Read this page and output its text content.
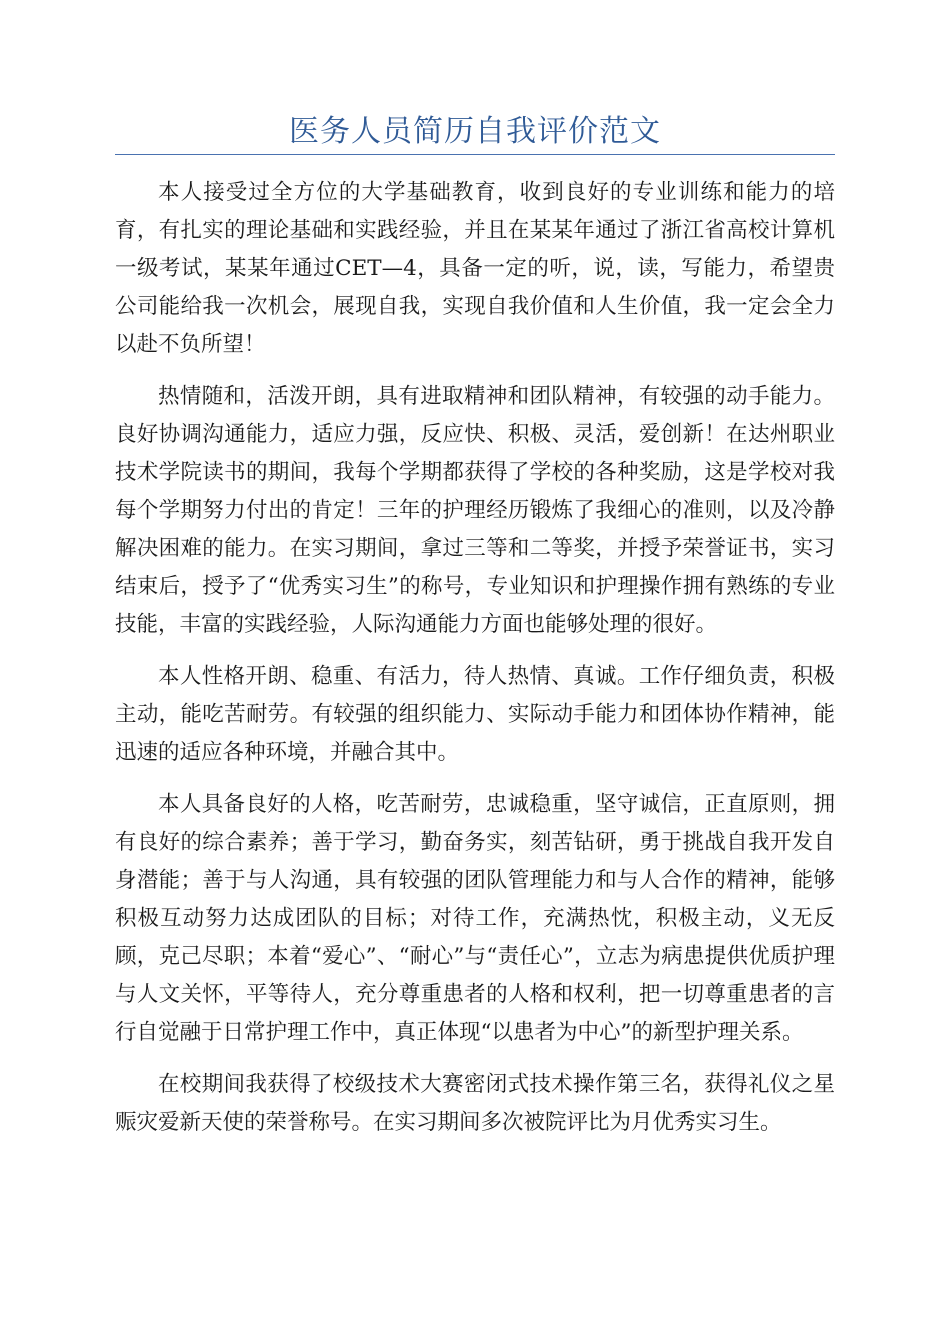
医务人员简历自我评价范文

本人接受过全方位的大学基础教育，收到良好的专业训练和能力的培育，有扎实的理论基础和实践经验，并且在某某年通过了浙江省高校计算机一级考试，某某年通过CET—4，具备一定的听，说，读，写能力，希望贵公司能给我一次机会，展现自我，实现自我价值和人生价值，我一定会全力以赴不负所望！

热情随和，活泼开朗，具有进取精神和团队精神，有较强的动手能力。良好协调沟通能力，适应力强，反应快、积极、灵活，爱创新！在达州职业技术学院读书的期间，我每个学期都获得了学校的各种奖励，这是学校对我每个学期努力付出的肯定！三年的护理经历锻炼了我细心的准则，以及冷静解决困难的能力。在实习期间，拿过三等和二等奖，并授予荣誉证书，实习结束后，授予了“优秀实习生”的称号，专业知识和护理操作拥有熟练的专业技能，丰富的实践经验，人际沟通能力方面也能够处理的很好。

本人性格开朗、稳重、有活力，待人热情、真诚。工作仔细负责，积极主动，能吃苦耐劳。有较强的组织能力、实际动手能力和团体协作精神，能迅速的适应各种环境，并融合其中。

本人具备良好的人格，吃苦耐劳，忠诚稳重，坚守诚信，正直原则，拥有良好的综合素养；善于学习，勤奋务实，刻苦钻研，勇于挑战自我开发自身潜能；善于与人沟通，具有较强的团队管理能力和与人合作的精神，能够积极互动努力达成团队的目标；对待工作，充满热忱，积极主动，义无反顾，克己尽职；本着“爱心”、“耐心”与“责任心”，立志为病患提供优质护理与人文关怀，平等待人，充分尊重患者的人格和权利，把一切尊重患者的言行自觉融于日常护理工作中，真正体现“以患者为中心”的新型护理关系。

在校期间我获得了校级技术大赛密闭式技术操作第三名，获得礼仪之星赈灾爱新天使的荣誉称号。在实习期间多次被院评比为月优秀实习生。
